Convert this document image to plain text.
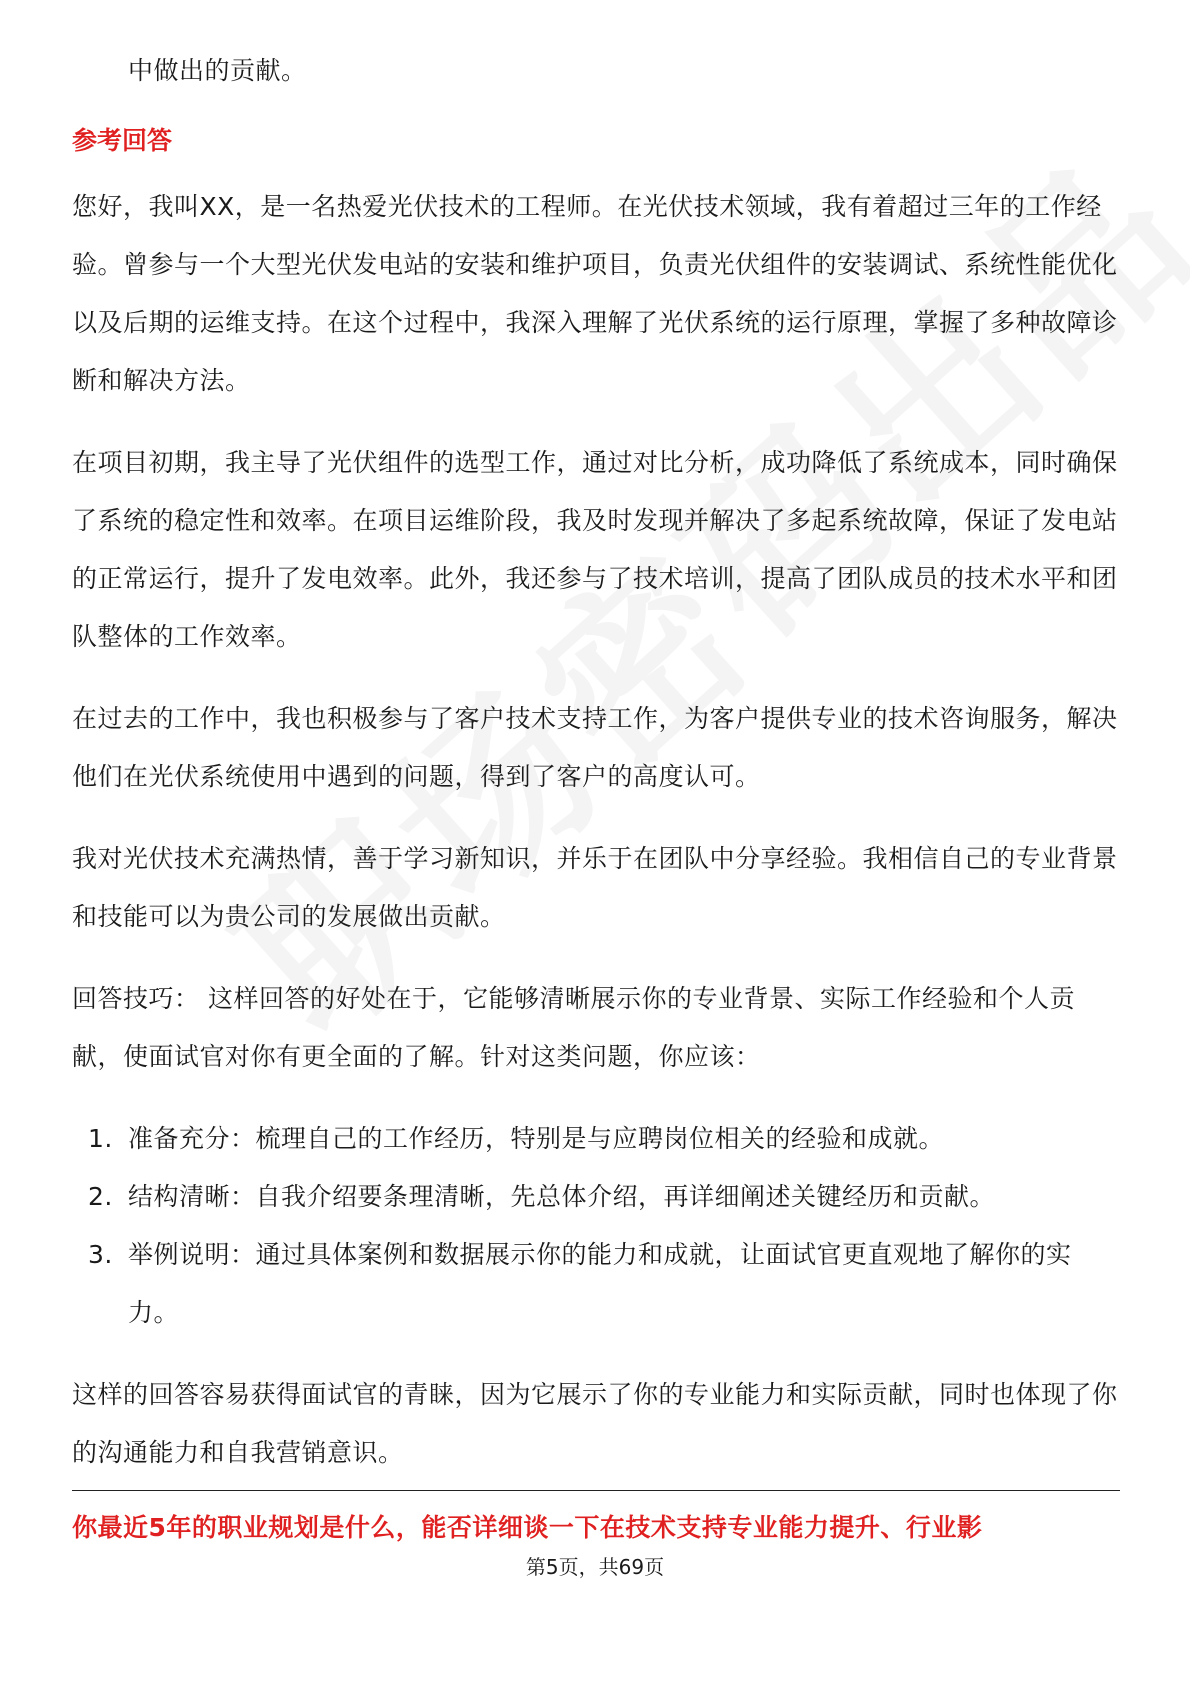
中做出的贡献。

参考回答

您好，我叫XX，是一名热爱光伏技术的工程师。在光伏技术领域，我有着超过三年的工作经验。曾参与一个大型光伏发电站的安装和维护项目，负责光伏组件的安装调试、系统性能优化以及后期的运维支持。在这个过程中，我深入理解了光伏系统的运行原理，掌握了多种故障诊断和解决方法。

在项目初期，我主导了光伏组件的选型工作，通过对比分析，成功降低了系统成本，同时确保了系统的稳定性和效率。在项目运维阶段，我及时发现并解决了多起系统故障，保证了发电站的正常运行，提升了发电效率。此外，我还参与了技术培训，提高了团队成员的技术水平和团队整体的工作效率。

在过去的工作中，我也积极参与了客户技术支持工作，为客户提供专业的技术咨询服务，解决他们在光伏系统使用中遇到的问题，得到了客户的高度认可。

我对光伏技术充满热情，善于学习新知识，并乐于在团队中分享经验。我相信自己的专业背景和技能可以为贵公司的发展做出贡献。

回答技巧： 这样回答的好处在于，它能够清晰展示你的专业背景、实际工作经验和个人贡献，使面试官对你有更全面的了解。针对这类问题，你应该：

1. 准备充分：梳理自己的工作经历，特别是与应聘岗位相关的经验和成就。
2. 结构清晰：自我介绍要条理清晰，先总体介绍，再详细阐述关键经历和贡献。
3. 举例说明：通过具体案例和数据展示你的能力和成就，让面试官更直观地了解你的实力。

这样的回答容易获得面试官的青睐，因为它展示了你的专业能力和实际贡献，同时也体现了你的沟通能力和自我营销意识。

你最近5年的职业规划是什么，能否详细谈一下在技术支持专业能力提升、行业影
第5页，共69页
